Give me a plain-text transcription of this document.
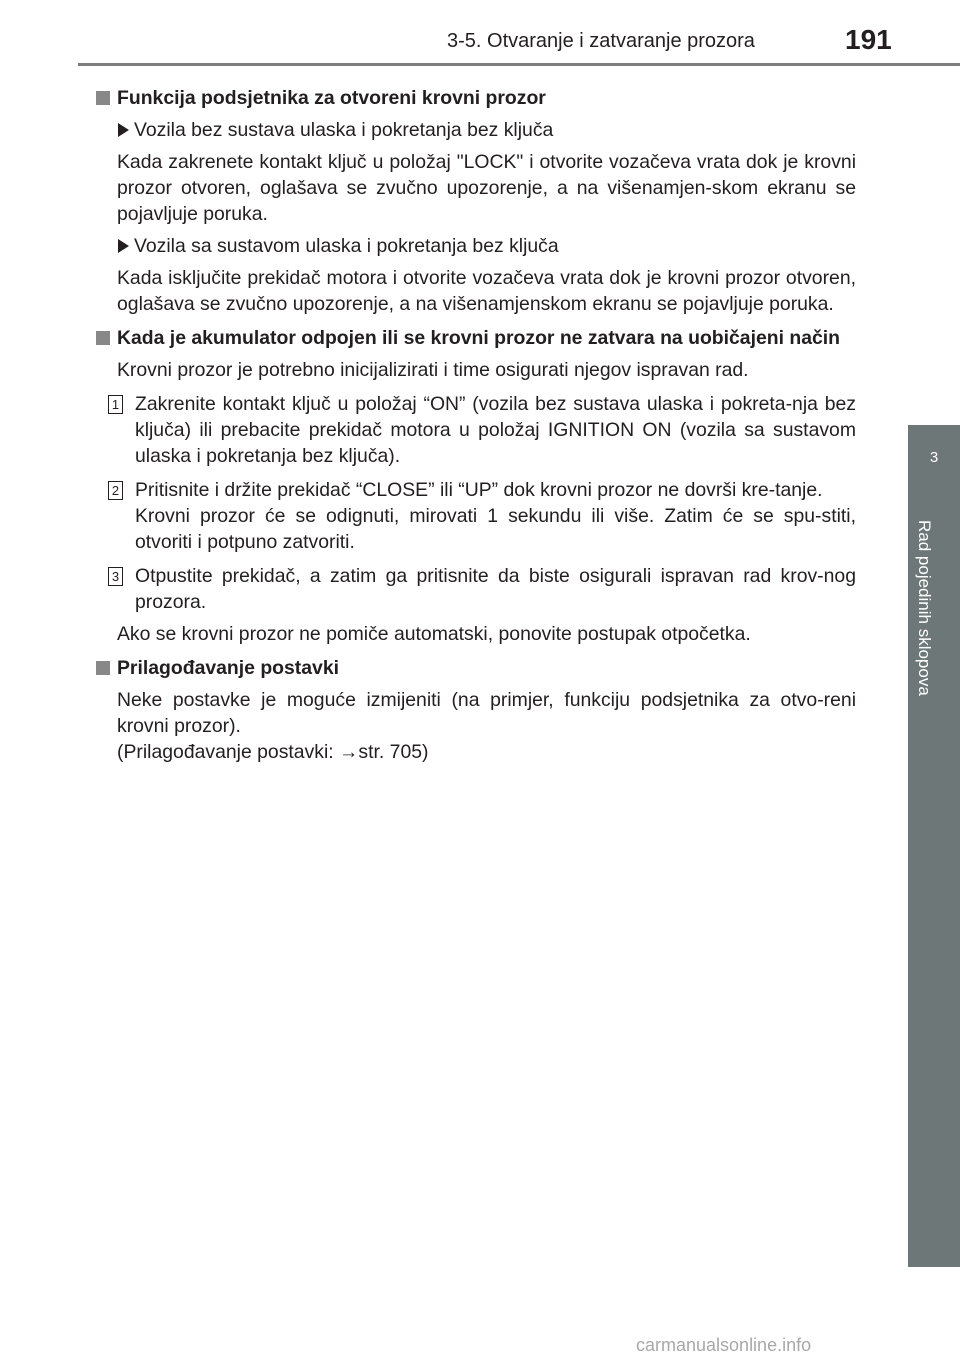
3-5. Otvaranje i zatvaranje prozora	191
3
Rad pojedinih sklopova

Funkcija podsjetnika za otvoreni krovni prozor

Vozila bez sustava ulaska i pokretanja bez ključa

Kada zakrenete kontakt ključ u položaj "LOCK" i otvorite vozačeva vrata dok je krovni prozor otvoren, oglašava se zvučno upozorenje, a na višenamjen-skom ekranu se pojavljuje poruka.

Vozila sa sustavom ulaska i pokretanja bez ključa

Kada isključite prekidač motora i otvorite vozačeva vrata dok je krovni prozor otvoren, oglašava se zvučno upozorenje, a na višenamjenskom ekranu se pojavljuje poruka.

Kada je akumulator odpojen ili se krovni prozor ne zatvara na uobičajeni način

Krovni prozor je potrebno inicijalizirati i time osigurati njegov ispravan rad.

1 Zakrenite kontakt ključ u položaj “ON” (vozila bez sustava ulaska i pokreta-nja bez ključa) ili prebacite prekidač motora u položaj IGNITION ON (vozila sa sustavom ulaska i pokretanja bez ključa).

2 Pritisnite i držite prekidač “CLOSE” ili “UP” dok krovni prozor ne dovrši kre-tanje.
Krovni prozor će se odignuti, mirovati 1 sekundu ili više. Zatim će se spu-stiti, otvoriti i potpuno zatvoriti.

3 Otpustite prekidač, a zatim ga pritisnite da biste osigurali ispravan rad krov-nog prozora.

Ako se krovni prozor ne pomiče automatski, ponovite postupak otpočetka.

Prilagođavanje postavki

Neke postavke je moguće izmijeniti (na primjer, funkciju podsjetnika za otvo-reni krovni prozor).

(Prilagođavanje postavki: →str. 705)

carmanualsonline.info
